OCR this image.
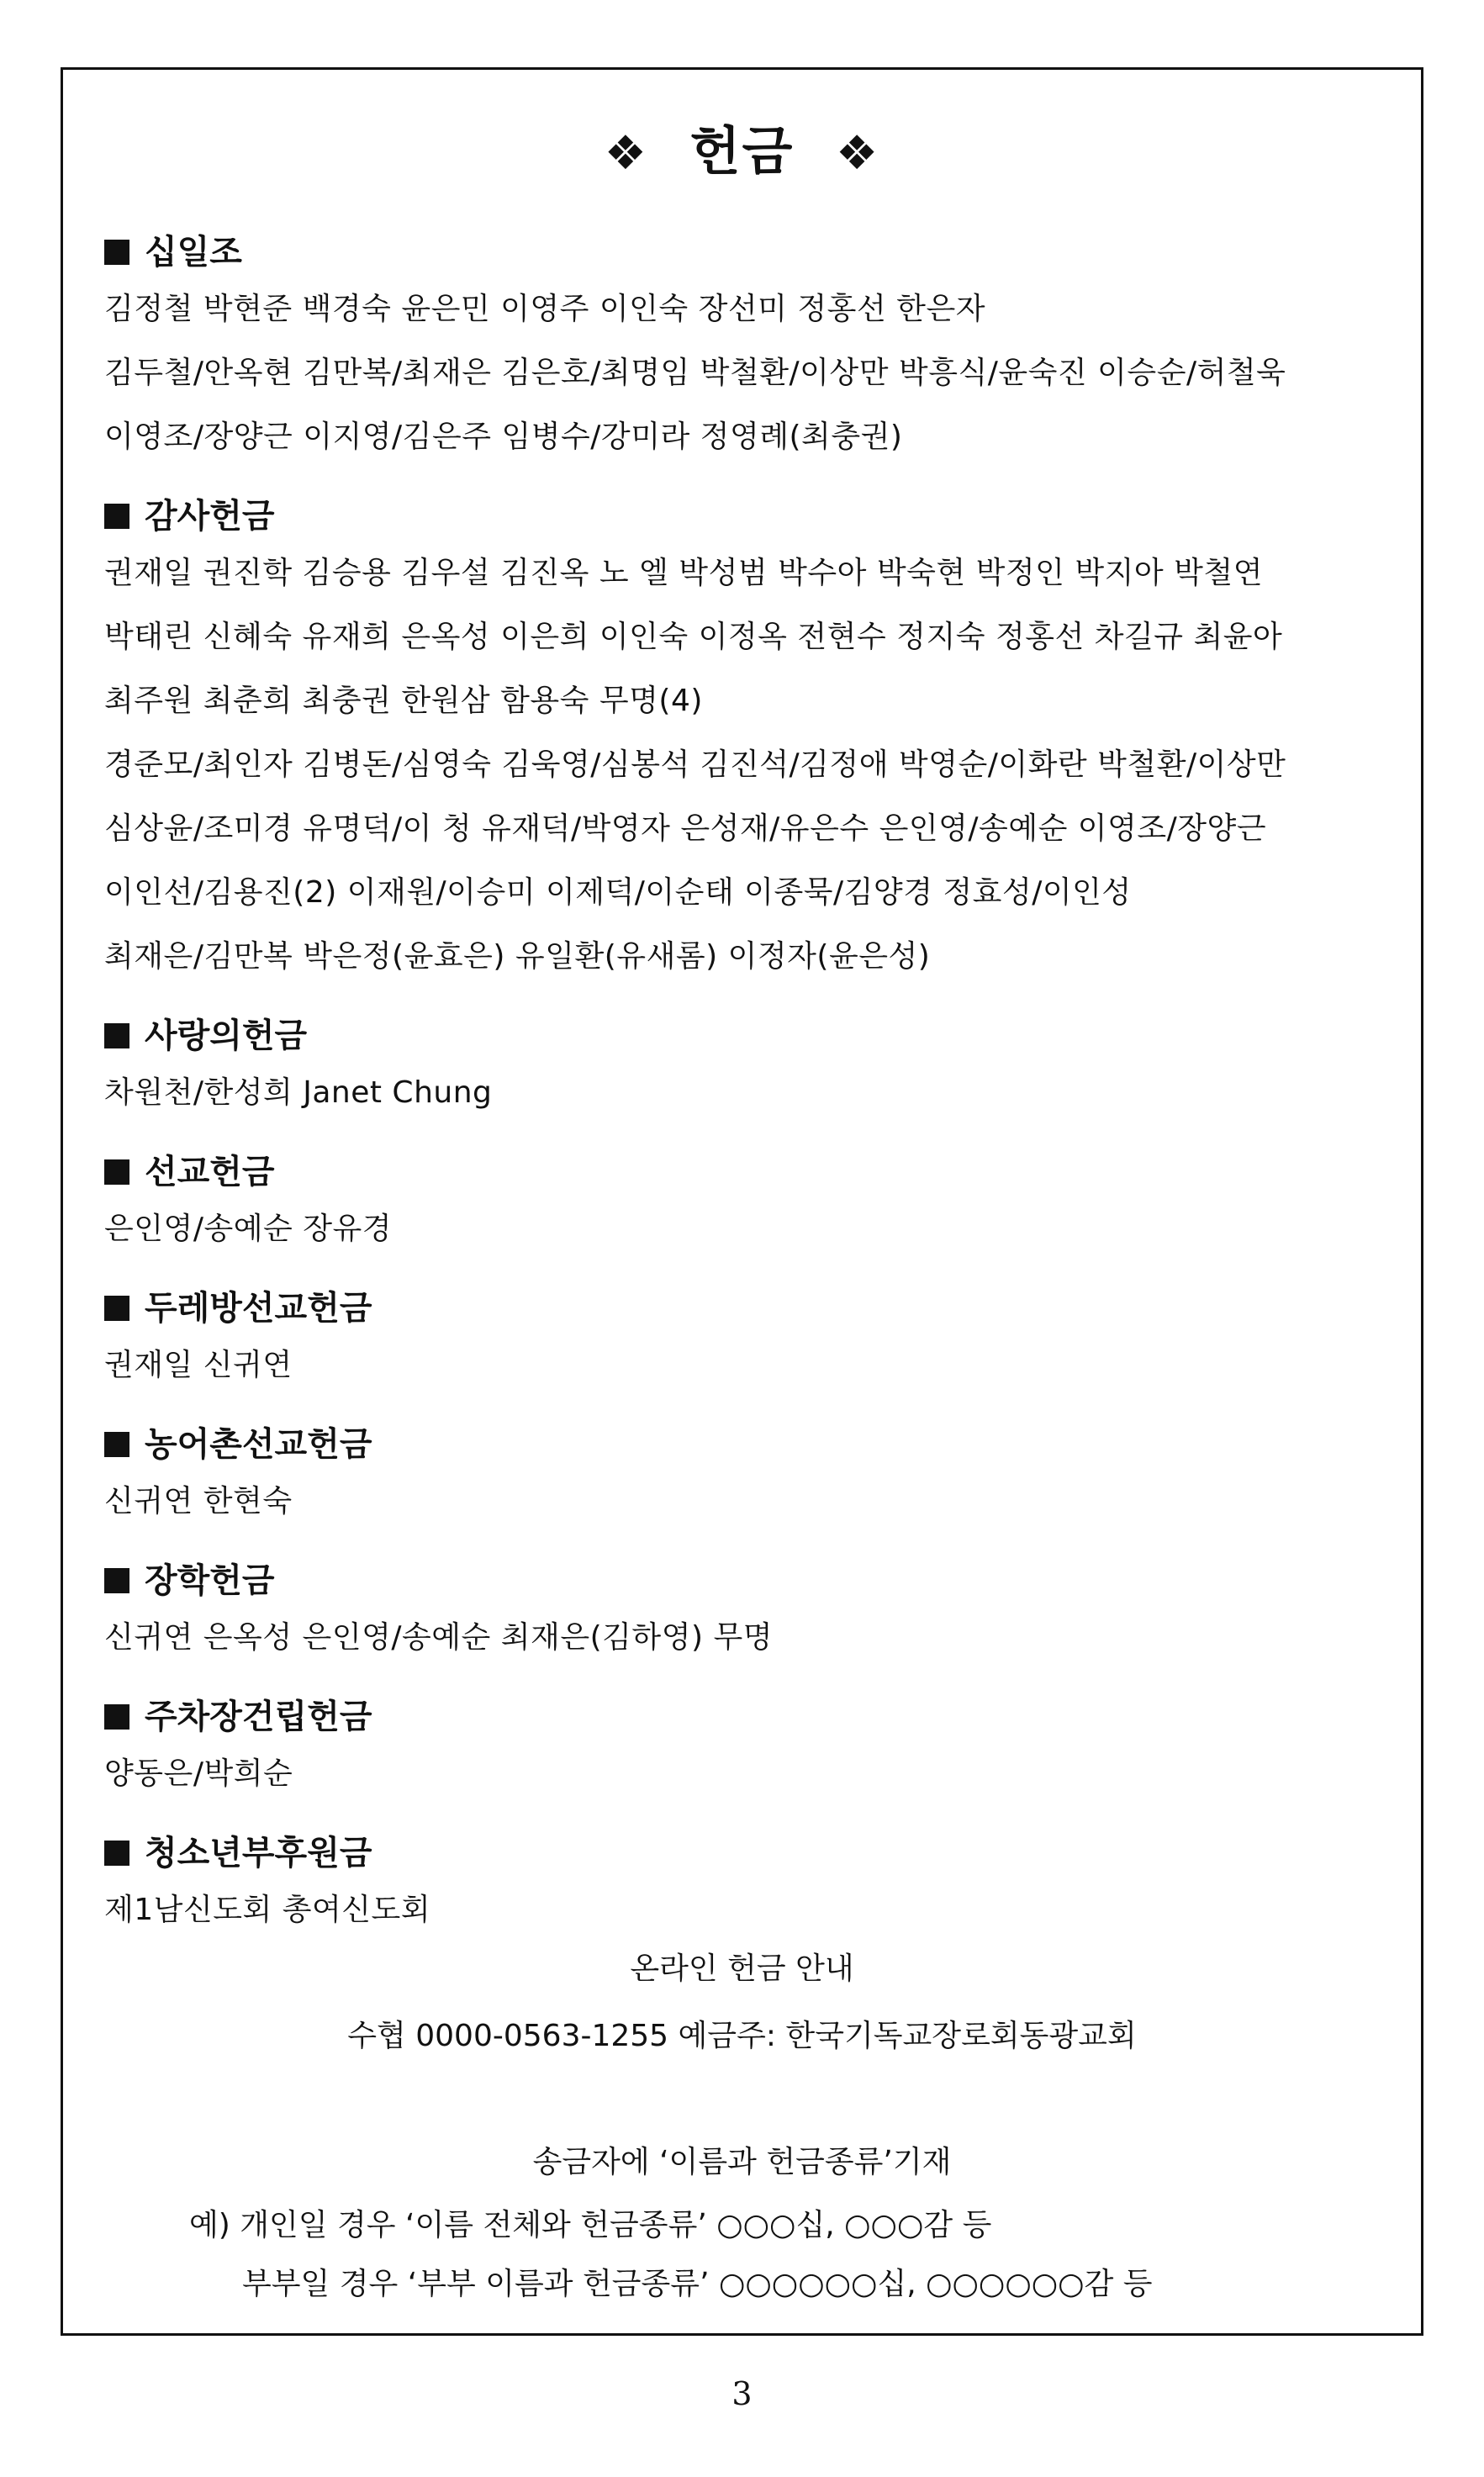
❖ 헌금 ❖
십일조
김정철 박현준 백경숙 윤은민 이영주 이인숙 장선미 정홍선 한은자
김두철/안옥현 김만복/최재은 김은호/최명임 박철환/이상만 박흥식/윤숙진 이승순/허철욱
이영조/장양근 이지영/김은주 임병수/강미라 정영례(최충권)
감사헌금
권재일 권진학 김승용 김우설 김진옥 노 엘 박성범 박수아 박숙현 박정인 박지아 박철연
박태린 신혜숙 유재희 은옥성 이은희 이인숙 이정옥 전현수 정지숙 정홍선 차길규 최윤아
최주원 최춘희 최충권 한원삼 함용숙 무명(4)
경준모/최인자 김병돈/심영숙 김욱영/심봉석 김진석/김정애 박영순/이화란 박철환/이상만
심상윤/조미경 유명덕/이 청 유재덕/박영자 은성재/유은수 은인영/송예순 이영조/장양근
이인선/김용진(2) 이재원/이승미 이제덕/이순태 이종묵/김양경 정효성/이인성
최재은/김만복 박은정(윤효은) 유일환(유새롬) 이정자(윤은성)
사랑의헌금
차원천/한성희 Janet Chung
선교헌금
은인영/송예순 장유경
두레방선교헌금
권재일 신귀연
농어촌선교헌금
신귀연 한현숙
장학헌금
신귀연 은옥성 은인영/송예순 최재은(김하영) 무명
주차장건립헌금
양동은/박희순
청소년부후원금
제1남신도회 총여신도회
온라인 헌금 안내
수협 0000-0563-1255 예금주: 한국기독교장로회동광교회
송금자에 ‘이름과 헌금종류’기재
예) 개인일 경우 ‘이름 전체와 헌금종류’ ○○○십, ○○○감 등
부부일 경우 ‘부부 이름과 헌금종류’ ○○○○○○십, ○○○○○○감 등
3
